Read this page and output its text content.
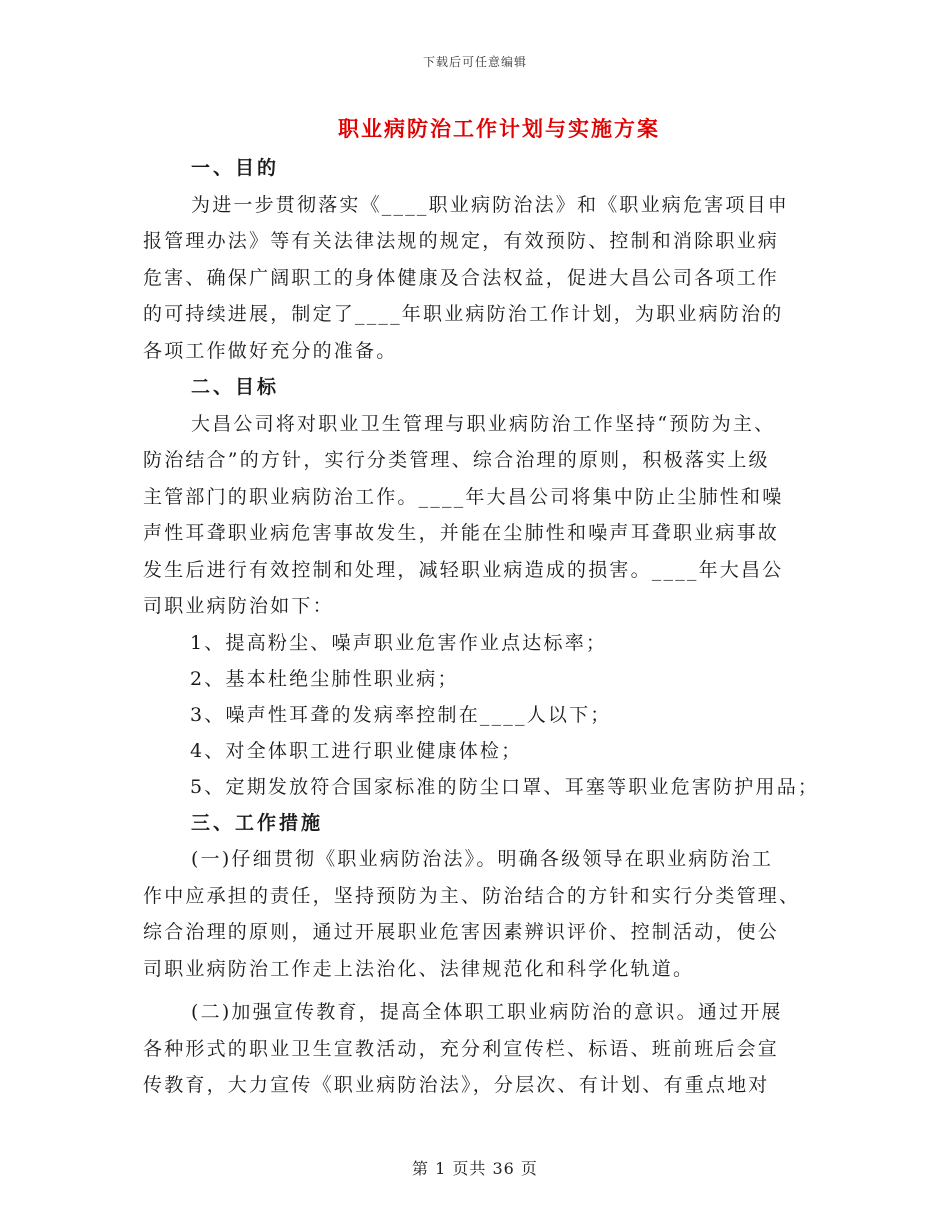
下载后可任意编辑
职业病防治工作计划与实施方案
一、目的
为进一步贯彻落实《____职业病防治法》和《职业病危害项目申
报管理办法》等有关法律法规的规定，有效预防、控制和消除职业病
危害、确保广阔职工的身体健康及合法权益，促进大昌公司各项工作
的可持续进展，制定了____年职业病防治工作计划，为职业病防治的
各项工作做好充分的准备。
二、目标
大昌公司将对职业卫生管理与职业病防治工作坚持“预防为主、
防治结合”的方针，实行分类管理、综合治理的原则，积极落实上级
主管部门的职业病防治工作。____年大昌公司将集中防止尘肺性和噪
声性耳聋职业病危害事故发生，并能在尘肺性和噪声耳聋职业病事故
发生后进行有效控制和处理，减轻职业病造成的损害。____年大昌公
司职业病防治如下：
1、提高粉尘、噪声职业危害作业点达标率；
2、基本杜绝尘肺性职业病；
3、噪声性耳聋的发病率控制在____人以下；
4、对全体职工进行职业健康体检；
5、定期发放符合国家标准的防尘口罩、耳塞等职业危害防护用品；
三、工作措施
(一)仔细贯彻《职业病防治法》。明确各级领导在职业病防治工
作中应承担的责任，坚持预防为主、防治结合的方针和实行分类管理、
综合治理的原则，通过开展职业危害因素辨识评价、控制活动，使公
司职业病防治工作走上法治化、法律规范化和科学化轨道。
(二)加强宣传教育，提高全体职工职业病防治的意识。通过开展
各种形式的职业卫生宣教活动，充分利宣传栏、标语、班前班后会宣
传教育，大力宣传《职业病防治法》，分层次、有计划、有重点地对
第 1 页共 36 页
